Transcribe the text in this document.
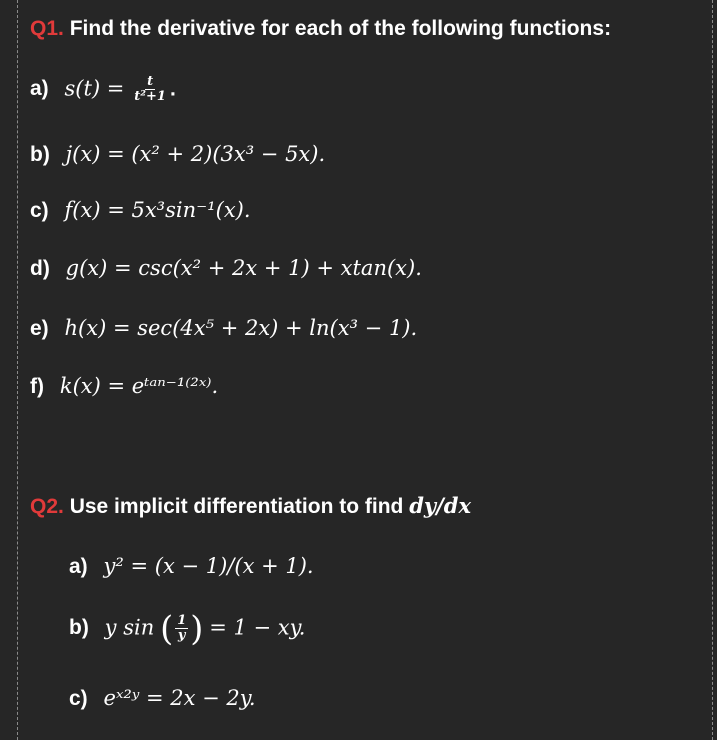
Q1. Find the derivative for each of the following functions:
a) $s(t) = \frac{t}{\text{t²+1}}$ .
b) j(x) = (x² + 2)(3x³ − 5x).
c) f(x) = 5x³sin⁻¹(x).
d) g(x) = csc(x² + 2x + 1) + xtan(x).
e) h(x) = sec(4x⁵ + 2x) + ln(x³ − 1).
f) k(x) = eᵗᵃⁿ⁻¹⁽²ˣ⁾.
Q2. Use implicit differentiation to find dy/dx
a) y² = (x − 1)/(x + 1).
b) y sin ( $\frac{1}{y}$ ) = 1 − xy.
c) eˣ²ʸ = 2x − 2y.
